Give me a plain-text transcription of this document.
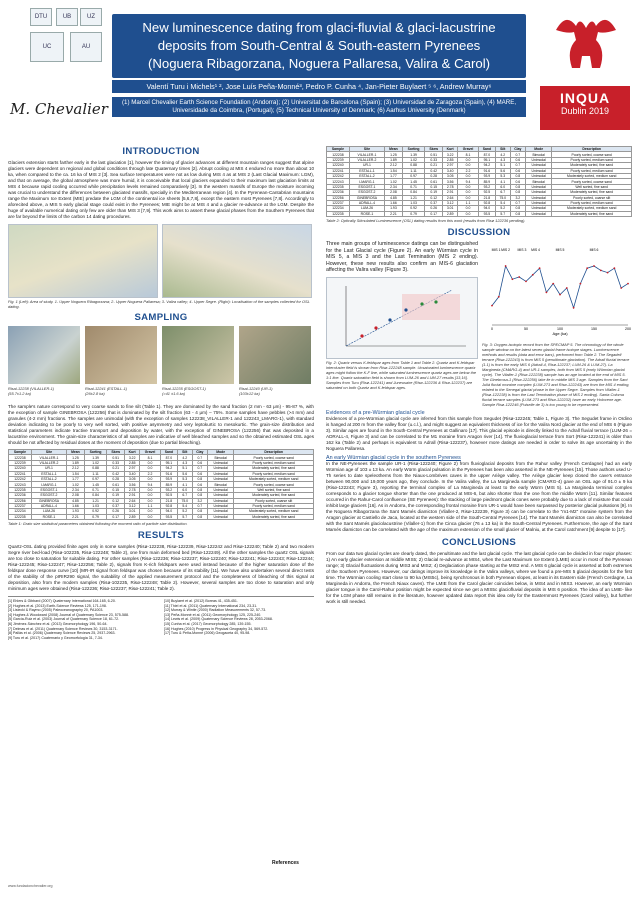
DTU	UB	UZ
UC	AU
New luminescence dating from glaci-fluvial & glaci-lacustrine
deposits from South-Central & South-eastern Pyrenees
(Noguera Ribagorzana, Noguera Pallaresa, Valira & Carol)
Valentí Turu i Michels¹ ², Jose Luís Peña-Monné³, Pedro P. Cunha ⁴, Jan-Pieter Buylaert ⁵ ⁶, Andrew Murray⁶
(1) Marcel Chevalier Earth Science Foundation (Andorra); (2) Universitat de Barcelona (Spain); (3) Universidad de Zaragoza (Spain), (4) MARE, Universidade da Coimbra, (Portugal); (5) Technical University of Denmark; (6) Aarhus University (Denmark)
M. Chevalier
INQUA
Dublin 2019
INTRODUCTION

Glaciers extension starts farther early in the last glaciation [1], however the timing of glacier advances at different mountain ranges suggest that alpine glaciers were dependent on regional and global conditions through late Quaternary times [2]. Abrupt cooling at MIS 4 endured no more than about 10 ka, when compared to the ca. 16 ka of MIS 2 [3]. Sea surface temperatures were not as low during MIS 4 as at MIS 2 (Last Glacial Maximum: LGM), and that on average, the global atmosphere was more humid, it is conceivable that local glaciers expanded to their maximum last glaciation limits at MIS 4 because rapid cooling occurred while precipitation levels remained comparatively [3]. In the western massifs of Europe the moisture incoming was crucial to understand the differences between glaciated massifs, specially in the Mediterranean region [4]. In the Pyrenean-Cantabrian mountains range the Maximum Ice Extent (MIE) predate the LGM of the continental ice sheets [5,6,7,8], except the eastern most Pyrenees [7,8]. Accordingly to aforecited above, a MIS 5 early glacial stage could exist in the Pyrenees; MIE might be at MIS 4 and a glacier re-advance at the LGM. Despite the huge of available numerical dating only few are older than MIS 3 [7,9]. This work aims to assert these glacial phases from the Southern Pyrenees that are far beyond the limits of the carbon 14 dating procedures.

Fig. 1 (Left): Area of study. 1- Upper Noguera Ribagorzana; 2- Upper Noguera Pallaresa; 3- Valira valley; 4- Upper Segre. (Right): Localisation of the samples collected for OSL dating.
SAMPLING
Risal-12238 (VILALLER-1)
(55.7±1.2 ka)
Risal-12241 (ESTALL-1)
(26±2.8 ka)
Risal-12235 (ESGOST-1)
(>41 ±1.6 ka)
Risal-12240 (UR-1)
(103±12 ka)

The sample's nature correspond to very coarse sands to fine silt (Table 1). They are dominated by the sand fraction (2 mm - 63 μm) - 95-87 %, with the exception of sample GINEBROSA (122256) that is dominated by the silt fraction (63 - 4 μm) – 75%. Some samples have pebbles (>4 mm) and granules (4-2 mm) fractions. The samples are unimodal (with the exception of samples 122238_VILALLER-1 and 122243_LMARG-1), with standard deviation indicating to be poorly to very well sorted, with positive asymmetry and very leptokurtic to mesokurtic. The grain-size distribution and statistical parameters indicate tractive transport and deposition by water, with the exception of GINEBROSA (122256) that was deposited in a lacustrine environment. The grain-size characteristics of all samples are indicative of well bleached samples and so the obtained estimated OSL ages should be not affected by residual doses at the moment of deposition (due to partial bleaching).

Sample	Site	Mean	Sorting	Skew	Kurt	Gravel	Sand	Silt	Clay	Mode	Description
122238	VILALLER-1	1.25	1.39	0.51	3.22	8.1	87.0	4.2	0.7	Bimodal	Poorly sorted, coarse sand
122239	VILALLER-2	1.89	1.02	0.33	2.85	0.0	95.1	4.3	0.6	Unimodal	Poorly sorted, medium sand
122240	UR-1	2.12	0.88	0.21	2.97	0.0	94.2	5.1	0.7	Unimodal	Moderately sorted, fine sand
122241	ESTALL-1	1.54	1.11	0.42	3.40	2.2	91.6	5.6	0.6	Unimodal	Poorly sorted, medium sand
122242	ESTALL-2	1.77	0.97	0.28	3.05	0.0	93.9	5.3	0.8	Unimodal	Moderately sorted, medium sand
122243	LMARG-1	1.02	1.45	0.61	3.56	9.4	85.9	4.1	0.6	Bimodal	Poorly sorted, coarse sand
122235	ESGOST-1	2.34	0.71	0.15	2.78	0.0	93.2	6.0	0.8	Unimodal	Well sorted, fine sand
122236	ESGOST-2	2.08	0.84	0.19	2.91	0.0	92.5	6.7	0.8	Unimodal	Moderately sorted, fine sand
122256	GINEBROSA	4.85	1.21	0.12	2.64	0.0	21.8	75.0	3.2	Unimodal	Poorly sorted, coarse silt
122237	ADRALL-4	1.66	1.03	0.37	3.12	1.1	92.8	5.4	0.7	Unimodal	Poorly sorted, medium sand
122234	LUM-26	1.93	0.92	0.26	3.01	0.0	94.0	5.2	0.8	Unimodal	Moderately sorted, medium sand
122235	ROSE-1	2.21	0.79	0.17	2.89	0.0	93.5	5.7	0.8	Unimodal	Moderately sorted, fine sand
Table 1: Grain size statistical parameters obtained following the moment ratio of particle size distribution.
RESULTS

Quartz-OSL dating provided finite ages only in some samples (Risø-122238, Risø-122239, Risø-122242 and Risø-122240; Table 2) and two modern Segre river bed-load (Risø-102235, Risø-122248; Table 2), one from main deformed bed (Risø-122249). All the other samples the quartz OSL signals are too close to saturation for suitable dating. For other samples (Risø-122236; Risø-122237; Risø-122240; Risø-122241; Risø-122243; Risø-122244; Risø-122245; Risø-122247; Risø-122256; Table 2), signals from K-rich feldspars were used instead because of the higher saturation dose of the feldspar dose response curve [10] (MR-IR signal from feldspar was chosen because of its stability [11]. We have also undertaken several direct tests of the stability of the pIRIR290 signal, the suitability of the applied measurement protocol and the completeness of bleaching of this signal at deposition, also from the modern samples (Risø-102235, Risø-122248; Table 2). However, several samples are too close to saturation and only minimum ages were obtained (Risø-122236; Risø-122237; Risø-122241; Table 2).

[1] Ehlers & Gibbard (2007) Quaternary International 164-165, 6-20.
[2] Hughes et al. (2013) Earth-Science Reviews 125, 171-198.
[3] Lisiecki & Raymo (2005) Paleoceanography 20, PA1003.
[4] Hughes & Woodward (2008) Journal of Quaternary Science 23, 575-588.
[5] García-Ruiz et al. (2003) Journal of Quaternary Science 18, 61-72.
[6] Jiménez-Sánchez et al. (2013) Geomorphology 196, 50-64.
[7] Delmas et al. (2011) Quaternary Science Reviews 30, 3153-3171.
[8] Pallàs et al. (2006) Quaternary Science Reviews 25, 2937-2963.
[9] Turu et al. (2017) Cuaternario y Geomorfología 31, 7-34.
[10] Buylaert et al. (2012) Boreas 41, 435-451.
[11] Thiel et al. (2011) Quaternary International 234, 23-31.
[12] Murray & Wintle (2000) Radiation Measurements 32, 57-73.
[13] Peña-Monné et al. (2011) Geomorphology 125, 225-240.
[14] Lewis et al. (2009) Quaternary Science Reviews 28, 2053-2068.
[15] Cunha et al. (2017) Geomorphology 285, 139-155.
[16] Hughes (2010) Progress in Physical Geography 34, 569-572.
[17] Turu & Peña-Monné (2006) Geogaceta 40, 95-98.
References
www.fundacionchevalier.org
Sample	Site	Mean	Sorting	Skew	Kurt	Gravel	Sand	Silt	Clay	Mode	Description
122238	VILALLER-1	1.25	1.39	0.51	3.22	8.1	87.0	4.2	0.7	Bimodal	Poorly sorted, coarse sand
122239	VILALLER-2	1.89	1.02	0.33	2.85	0.0	95.1	4.3	0.6	Unimodal	Poorly sorted, medium sand
122240	UR-1	2.12	0.88	0.21	2.97	0.0	94.2	5.1	0.7	Unimodal	Moderately sorted, fine sand
122241	ESTALL-1	1.54	1.11	0.42	3.40	2.2	91.6	5.6	0.6	Unimodal	Poorly sorted, medium sand
122242	ESTALL-2	1.77	0.97	0.28	3.05	0.0	93.9	5.3	0.8	Unimodal	Moderately sorted, medium sand
122243	LMARG-1	1.02	1.45	0.61	3.56	9.4	85.9	4.1	0.6	Bimodal	Poorly sorted, coarse sand
122235	ESGOST-1	2.34	0.71	0.15	2.78	0.0	93.2	6.0	0.8	Unimodal	Well sorted, fine sand
122236	ESGOST-2	2.08	0.84	0.19	2.91	0.0	92.5	6.7	0.8	Unimodal	Moderately sorted, fine sand
122256	GINEBROSA	4.85	1.21	0.12	2.64	0.0	21.8	75.0	3.2	Unimodal	Poorly sorted, coarse silt
122237	ADRALL-4	1.66	1.03	0.37	3.12	1.1	92.8	5.4	0.7	Unimodal	Poorly sorted, medium sand
122234	LUM-26	1.93	0.92	0.26	3.01	0.0	94.0	5.2	0.8	Unimodal	Moderately sorted, medium sand
122235	ROSE-1	2.21	0.79	0.17	2.89	0.0	93.5	5.7	0.8	Unimodal	Moderately sorted, fine sand
Table 2: Optically Stimulated Luminescence (OSL) dating results from this work (results from Risø 122236 pending).
DISCUSSION

Three main groups of luminescence datings can be distinguished for the Last Glacial cycle (Figure 2). An early Würmian cycle in MIS 5, a MIS 3 and the Last Termination (MIS 2 ending). However, these new results also confirm an MIS-6 glaciation affecting the Valira valley (Figure 3).

Fig. 2: Quartz versus K-feldspar ages from Table 1 and Table 2. Quartz and K-feldspar intercluster field is shown from Risø-122248 sample. Unsaturated luminescence quartz ages might follow the K-F line, while saturated luminescence quartz ages are below the 1:1 line. Quartz saturation field is shown from LUM-26 and LUM-27 results [13,16]. Samples from Turu (Risø-122241) and Juneusaire (Risø-122236 & Risø-122237) are saturated on both Quartz and K-feldspar ages.
Age (ka)
0	50	100	150	200
MIS 1 MIS 2 MIS 3 MIS 4	MIS 5	MIS 6
Fig. 3: Oxygen-isotopic record from the SPECMAP 5. The chronology of the whole sample window on the latest seven glacial frame isotope stages. Luminescence methods and results (data and error bars), performed from Table 2. The Segadell terrace (Risø-122243) is from MIS 5 (penultimate glaciation). The Adrall fluvial terrace (1.1) is from the early MIS 6 (Adrall-4, Risø-122237; LUM-26 & LUM-27). La Margineda (CMARG-4) and UR-1 samples, both from MIS 5 (early Würmian glacial cycle). The Vilaller-1 (Risø-122238) sample has an age located at the end of MIS 5. The Ginebrosa-1 (Risø-122256) lake lie in middle MIS 3 age. Samples from the Sant Julià fluvial moraine complex (LUM-273 and Risø-122243) are from the MIS 4 ending, related to the Senegal glacial phase in the Upper Segre. Samples from Vilaller-1 (Risø-122238) is from the Last Termination phase of MIS 2 ending). Santa Coloma fluvial terrace samples (LUM-273 and Risø-122232) have an early Holocene age. Sample Risø-122246 (Puiselle de 3) is too young to be represented.
Evidences of a pre-Würmian glacial cycle

Evidences of a pre-Würmian glacial cycle are inferred from this sample from Segudet (Risø-122245; Table 1, Figure 3). The Segudet frame in Ordino is hanged at 200 m from the valley floor (u.c.l.), and might suggest an equivalent thickness of ice for the Valira Nord glacier at the end of MIS 6 (Figure 3). Similar ages are found in the South-Central Pyrenees at Gallinaro [17]. This glacial episode is directly linked to the Adrall fluvial terrace (LUM-26 = ADRALL-4, Figure 3) and can be correlated to the M1 moraine from Aragon river [14]. The fluvioglacial terrace from Sort (Risø-122241) is older than 162 ka (Table 2) and perhaps is equivalent to Adrall (Risø-122237), however more datings are needed in order to solve its age uncertainty in the Noguera Pallaresa.

An early Würmian glacial cycle in the southern Pyrenees

In the NE-Pyrenees the sample UR-1 (Risø-122240; Figure 2) from fluvioglacial deposits from the Rahur valley (French Cerdagne) had an early Würmian age of 103 ± 13 ka. An early Würm glacial pulsation in the Pyrenees has been also asserted in the NE-Pyrenees [15]. Those authors used U-Th series to date speleothems from the Niaux-Lombrives caves in the upper Ariège valley. The Ariège glacier keep closed the cave's entrance between 90,000 and 19,000 years ago, they conclude. In the Valira valley, the La Margineda sample (CMARG-4) gave an OSL age of 91.0 ± 9 ka (Risø-122243; Figure 3), reporting the terminal complex of La Margineda at least to the early Würm (MIS 5). La Margineda terminal complex corresponds to a glacier tongue shorter than the one produced at MIS-6, but also shorter than the one from the middle Würm [11]. Similar features occurred in the Rahur-Carol confluence (SE Pyrenees): the stacking of large piedmont glacis cones were probably due to a lack of moisture that could inhibit large glaciers [16]. As in Andorra, the corresponding frontal moraine from UR-1 would have been surpassed by posterior glacial pulsations [9]. In the Noguera Ribagorzana the Sant Mamés diamicton (Vilaller-2, Risø-122239, Figure 3) can be correlate to the "m1-M2" moraine system from the Aragon glacier at Castiello de Jaca, located at the western side of the South-Central Pyrenees [14]. The Sant Mamés diamicton can also be correlated with the Sant Mamés glaciolacustrine (Vilaller-1) from the Cinca glacier (76 ± 13 ka) in the South-Central Pyrenees. Furthermore, the age of the Sant Mamés diamicton can be correlated with the age of the maximum extension of the small glacier of Malniu, at the Carol catchment [9] despite to [17].

CONCLUSIONS

From our data two glacial cycles are clearly dated, the penultimate and the last glacial cycle. The last glacial cycle can be divided in four major phases: 1) An early glacier extension at middle MIS5; 2) Glacial re-advance at MIS4, when the Last Maximum Ice Extent (LMIE) occur in most of the Pyrenean range; 3) Glacial fluctuations during MIS3 and MIS2; 4) Deglaciation phase starting at the MIS2 end. A MIS 6 glacial cycle is asserted at both extremes of the Southern Pyrenees. However, our datings improve its knowledge in the Valira valleys, where we found a pre-MIS 5 glacial deposits for the first time. The Würmian cooling start close to 90 ka (MIS5c), being synchronous in both Pyrenean slopes, at least in its Eastern side (French Cerdagne, La Margineda in Andorra, the French Niaux caves). The LMIE from the Carol glacier coincides below, in MIS4 and in MIS3. However, an early Würmian glacier tongue in the Carol-Rahur position might be expected since we get a MIS5c glaciofluvial deposits in MIS 6 position. The idea of an LMIE- like for the LGM phase still remains in the literature, however updated data report this idea only for the Easternmost Pyrenees (Carol valley), but further work is still needed.
